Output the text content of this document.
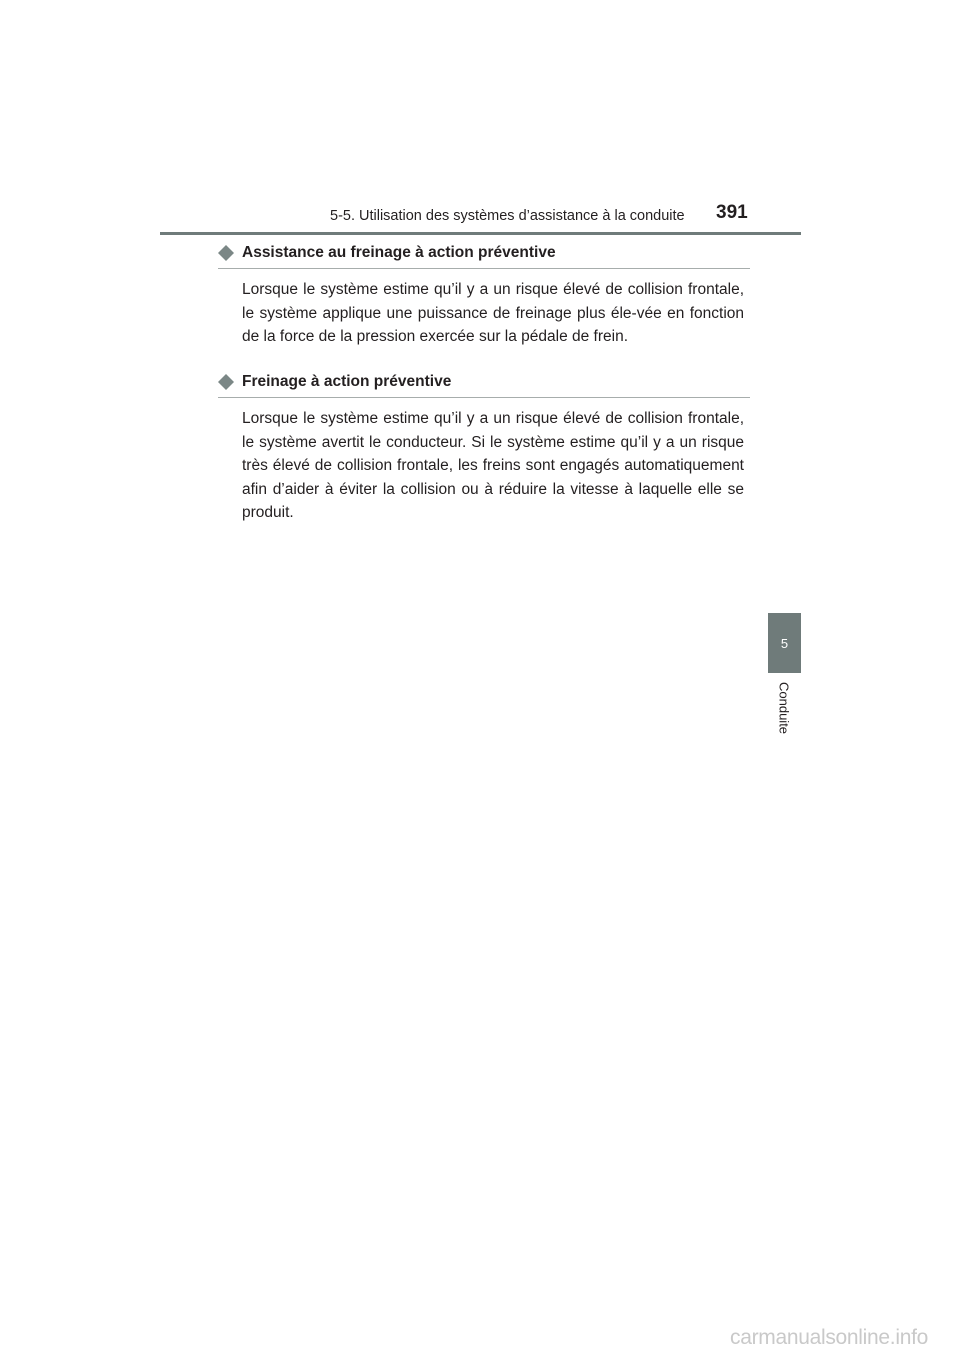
5-5. Utilisation des systèmes d’assistance à la conduite 391
Assistance au freinage à action préventive

Lorsque le système estime qu’il y a un risque élevé de collision frontale, le système applique une puissance de freinage plus éle-vée en fonction de la force de la pression exercée sur la pédale de frein.

Freinage à action préventive

Lorsque le système estime qu’il y a un risque élevé de collision frontale, le système avertit le conducteur. Si le système estime qu’il y a un risque très élevé de collision frontale, les freins sont engagés automatiquement afin d’aider à éviter la collision ou à réduire la vitesse à laquelle elle se produit.

5
Conduite
carmanualsonline.info
